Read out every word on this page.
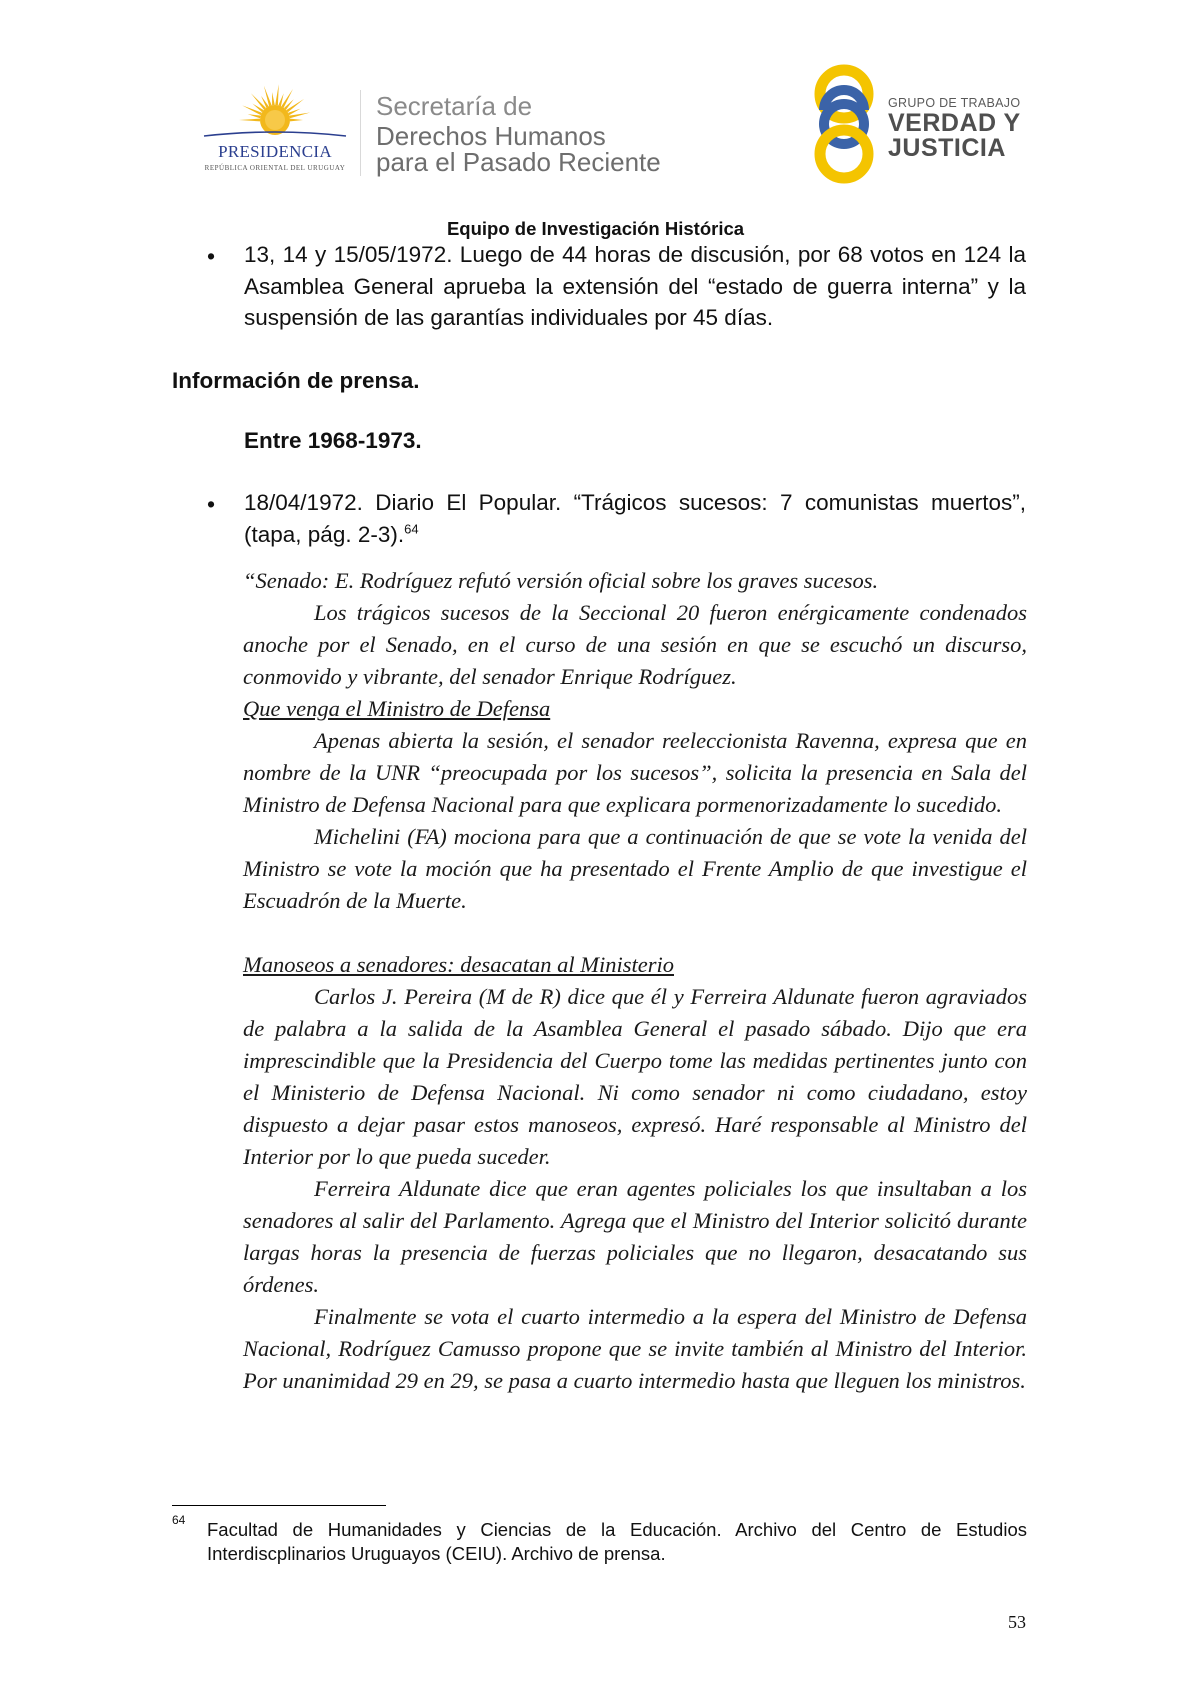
PRESIDENCIA
REPÚBLICA ORIENTAL DEL URUGUAY
Secretaría de
Derechos Humanos
para el Pasado Reciente
GRUPO DE TRABAJO
VERDAD Y
JUSTICIA
Equipo de Investigación Histórica
• 13, 14 y 15/05/1972. Luego de 44 horas de discusión, por 68 votos en 124 la Asamblea General aprueba la extensión del “estado de guerra interna” y la suspensión de las garantías individuales por 45 días.
Información de prensa.
Entre 1968-1973.
• 18/04/1972. Diario El Popular. “Trágicos sucesos: 7 comunistas muertos”, (tapa, pág. 2-3).$^{64}$

“Senado: E. Rodríguez refutó versión oficial sobre los graves sucesos.

Los trágicos sucesos de la Seccional 20 fueron enérgicamente condenados anoche por el Senado, en el curso de una sesión en que se escuchó un discurso, conmovido y vibrante, del senador Enrique Rodríguez.

Que venga el Ministro de Defensa

Apenas abierta la sesión, el senador reeleccionista Ravenna, expresa que en nombre de la UNR “preocupada por los sucesos”, solicita la presencia en Sala del Ministro de Defensa Nacional para que explicara pormenorizadamente lo sucedido.

Michelini (FA) mociona para que a continuación de que se vote la venida del Ministro se vote la moción que ha presentado el Frente Amplio de que investigue el Escuadrón de la Muerte.

Manoseos a senadores: desacatan al Ministerio

Carlos J. Pereira (M de R) dice que él y Ferreira Aldunate fueron agraviados de palabra a la salida de la Asamblea General el pasado sábado. Dijo que era imprescindible que la Presidencia del Cuerpo tome las medidas pertinentes junto con el Ministerio de Defensa Nacional. Ni como senador ni como ciudadano, estoy dispuesto a dejar pasar estos manoseos, expresó. Haré responsable al Ministro del Interior por lo que pueda suceder.

Ferreira Aldunate dice que eran agentes policiales los que insultaban a los senadores al salir del Parlamento. Agrega que el Ministro del Interior solicitó durante largas horas la presencia de fuerzas policiales que no llegaron, desacatando sus órdenes.

Finalmente se vota el cuarto intermedio a la espera del Ministro de Defensa Nacional, Rodríguez Camusso propone que se invite también al Ministro del Interior. Por unanimidad 29 en 29, se pasa a cuarto intermedio hasta que lleguen los ministros.

64 Facultad de Humanidades y Ciencias de la Educación. Archivo del Centro de Estudios Interdiscplinarios Uruguayos (CEIU). Archivo de prensa.
53
